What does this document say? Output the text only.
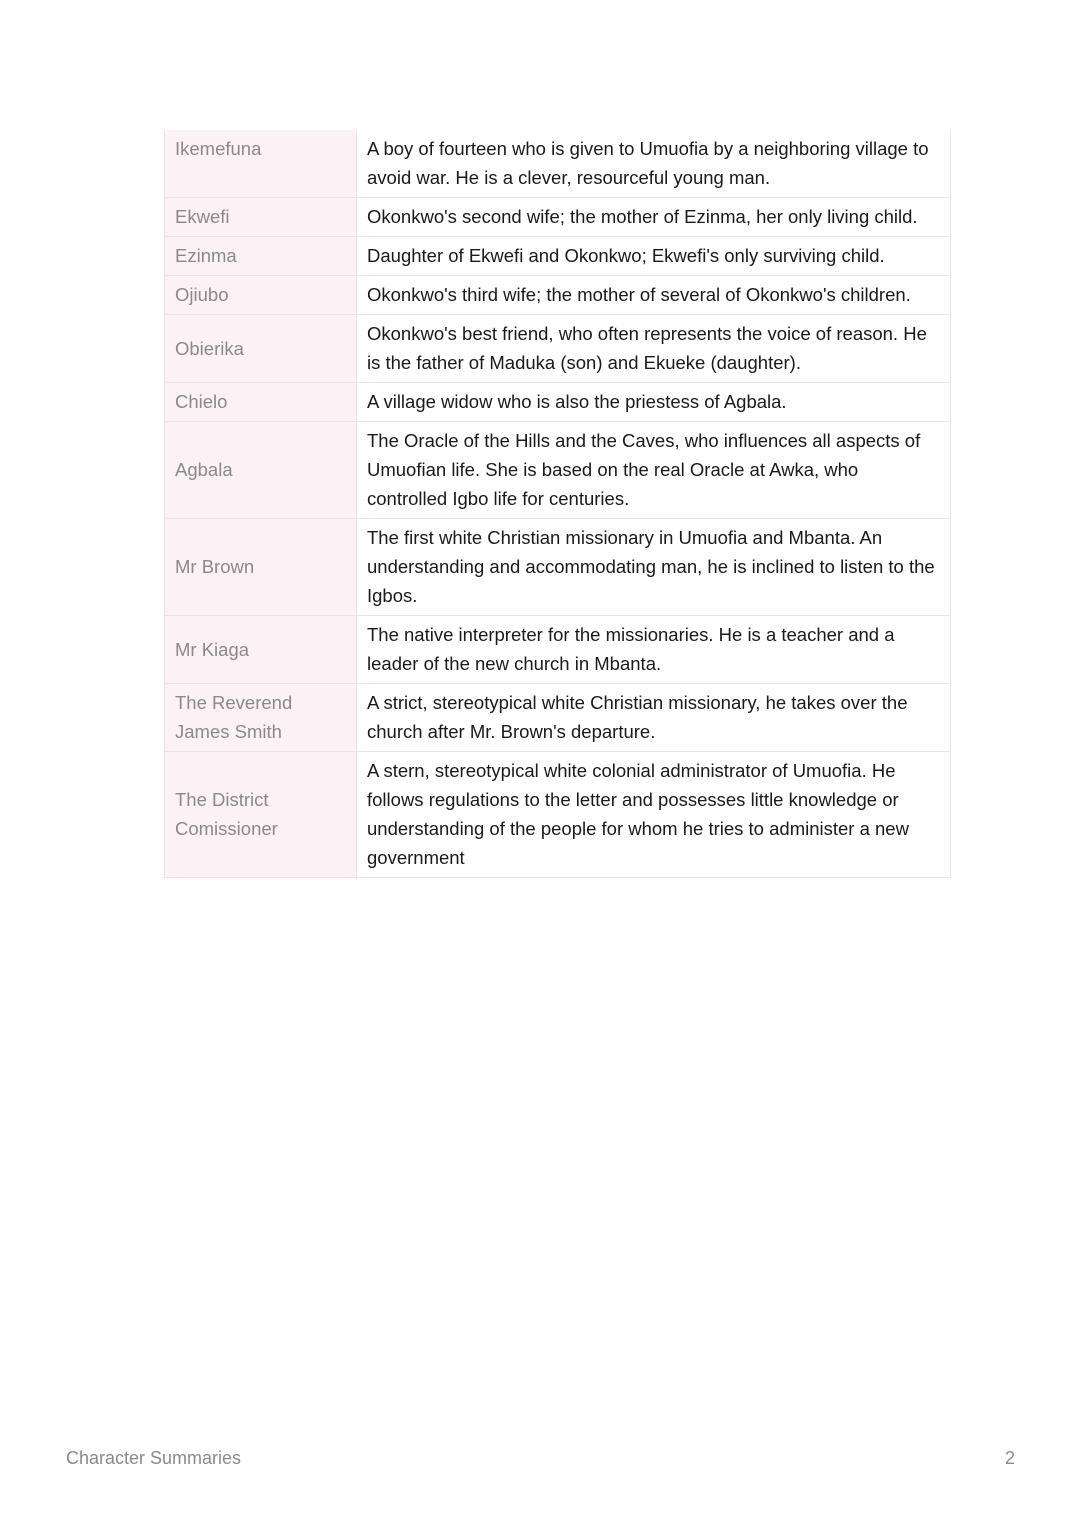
Ikemefuna	A boy of fourteen who is given to Umuofia by a neighboring village to avoid war. He is a clever, resourceful young man.
Ekwefi	Okonkwo's second wife; the mother of Ezinma, her only living child.
Ezinma	Daughter of Ekwefi and Okonkwo; Ekwefi's only surviving child.
Ojiubo	Okonkwo's third wife; the mother of several of Okonkwo's children.
Obierika	Okonkwo's best friend, who often represents the voice of reason. He is the father of Maduka (son) and Ekueke (daughter).
Chielo	A village widow who is also the priestess of Agbala.
Agbala	The Oracle of the Hills and the Caves, who influences all aspects of Umuofian life. She is based on the real Oracle at Awka, who controlled Igbo life for centuries.
Mr Brown	The first white Christian missionary in Umuofia and Mbanta. An understanding and accommodating man, he is inclined to listen to the Igbos.
Mr Kiaga	The native interpreter for the missionaries. He is a teacher and a leader of the new church in Mbanta.
The Reverend James Smith	A strict, stereotypical white Christian missionary, he takes over the church after Mr. Brown's departure.
The District Comissioner	A stern, stereotypical white colonial administrator of Umuofia. He follows regulations to the letter and possesses little knowledge or understanding of the people for whom he tries to administer a new government
Character Summaries	2
